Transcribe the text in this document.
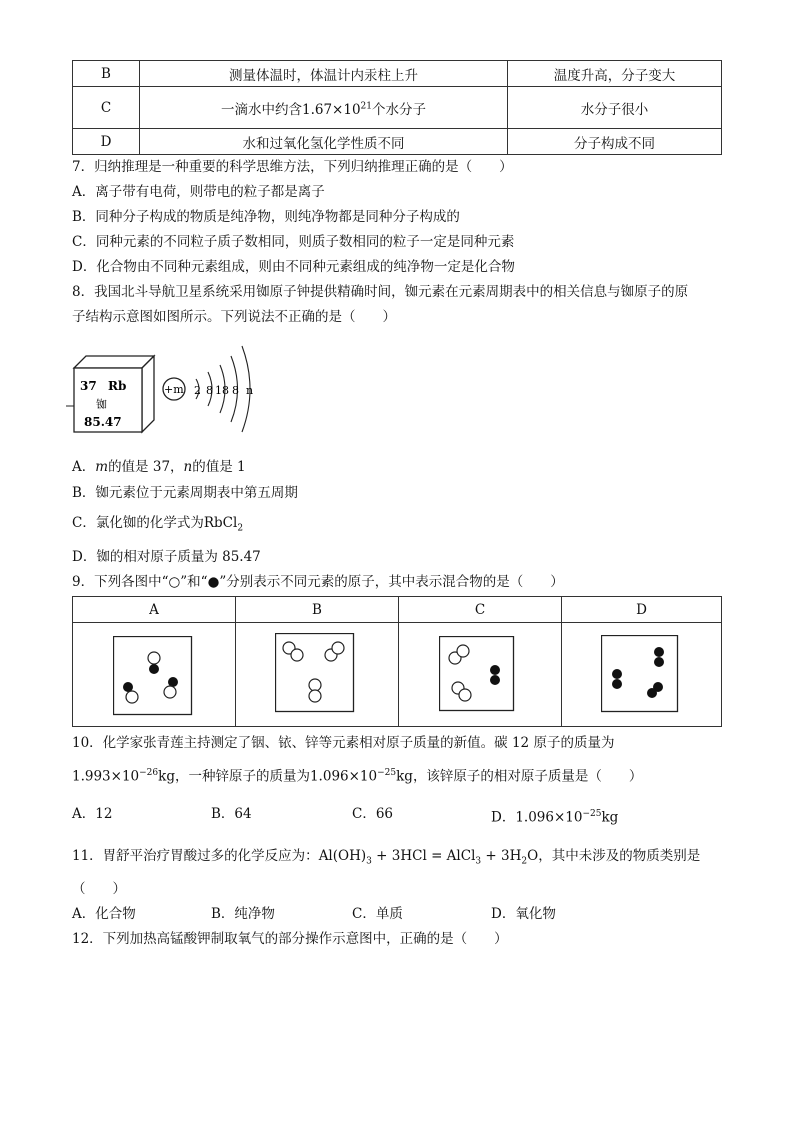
B	测量体温时，体温计内汞柱上升	温度升高，分子变大
C	一滴水中约含$1.67\times 10^{21}$个水分子	水分子很小
D	水和过氧化氢化学性质不同	分子构成不同
7．归纳推理是一种重要的科学思维方法，下列归纳推理正确的是（　　）
A．离子带有电荷，则带电的粒子都是离子
B．同种分子构成的物质是纯净物，则纯净物都是同种分子构成的
C．同种元素的不同粒子质子数相同，则质子数相同的粒子一定是同种元素
D．化合物由不同种元素组成，则由不同种元素组成的纯净物一定是化合物
8．我国北斗导航卫星系统采用铷原子钟提供精确时间，铷元素在元素周期表中的相关信息与铷原子的原
子结构示意图如图所示。下列说法不正确的是（　　）
37 Rb
铷
85.47
+m 2 8 18 8 n
A．m的值是 37，n的值是 1
B．铷元素位于元素周期表中第五周期
C．氯化铷的化学式为RbCl$_2$
D．铷的相对原子质量为 85.47
9．下列各图中“○”和“●”分别表示不同元素的原子，其中表示混合物的是（　　）
A	B	C	D

10．化学家张青莲主持测定了铟、铱、锌等元素相对原子质量的新值。碳 12 原子的质量为
$1.993\times 10^{-26}kg$，一种锌原子的质量为$1.096\times 10^{-25}kg$，该锌原子的相对原子质量是（　　）
A．12	B．64	C．66	D．$1.096\times 10^{-25}kg$
11．胃舒平治疗胃酸过多的化学反应为：$Al(OH)_3 + 3HCl$ = AlCl$_3$ + $3H_2O$，其中未涉及的物质类别是
（　　）
A．化合物	B．纯净物	C．单质	D．氧化物
12．下列加热高锰酸钾制取氧气的部分操作示意图中，正确的是（　　）
